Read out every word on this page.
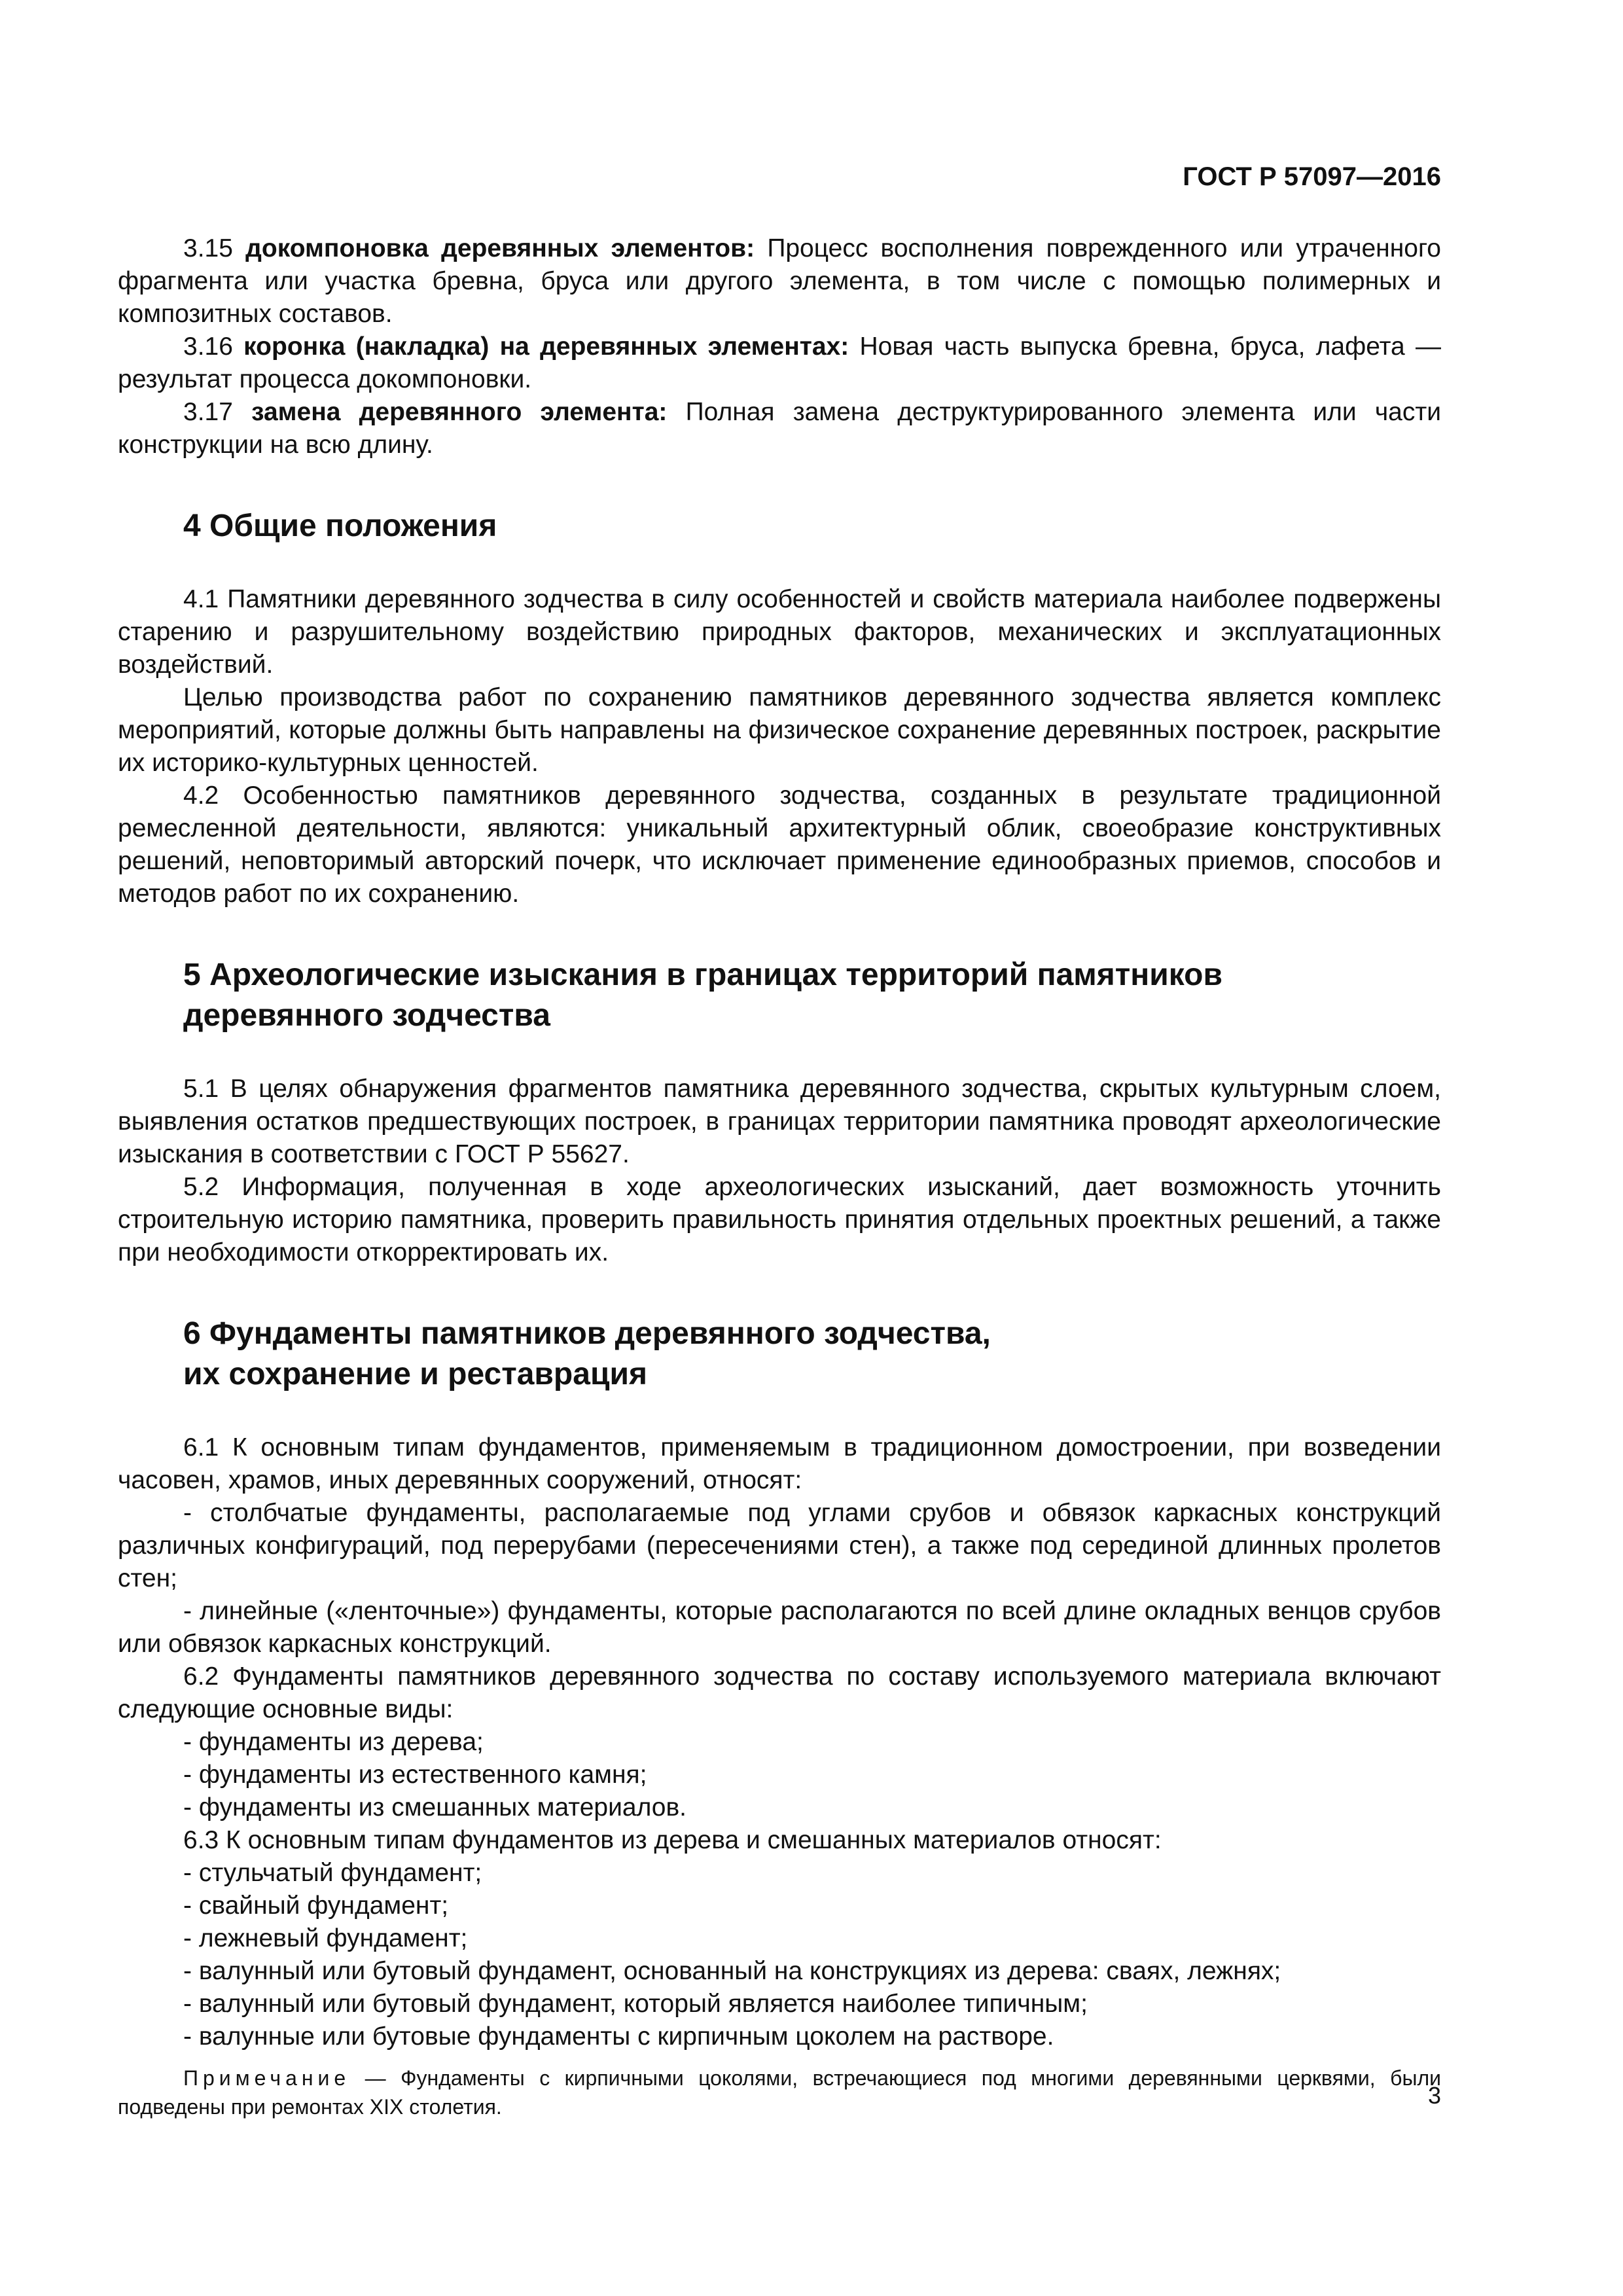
ГОСТ Р 57097—2016

3.15 докомпоновка деревянных элементов: Процесс восполнения поврежденного или утраченного фрагмента или участка бревна, бруса или другого элемента, в том числе с помощью полимерных и композитных составов.

3.16 коронка (накладка) на деревянных элементах: Новая часть выпуска бревна, бруса, лафета — результат процесса докомпоновки.

3.17 замена деревянного элемента: Полная замена деструктурированного элемента или части конструкции на всю длину.

4 Общие положения

4.1 Памятники деревянного зодчества в силу особенностей и свойств материала наиболее подвержены старению и разрушительному воздействию природных факторов, механических и эксплуатационных воздействий.

Целью производства работ по сохранению памятников деревянного зодчества является комплекс мероприятий, которые должны быть направлены на физическое сохранение деревянных построек, раскрытие их историко-культурных ценностей.

4.2 Особенностью памятников деревянного зодчества, созданных в результате традиционной ремесленной деятельности, являются: уникальный архитектурный облик, своеобразие конструктивных решений, неповторимый авторский почерк, что исключает применение единообразных приемов, способов и методов работ по их сохранению.

5 Археологические изыскания в границах территорий памятников
деревянного зодчества

5.1 В целях обнаружения фрагментов памятника деревянного зодчества, скрытых культурным слоем, выявления остатков предшествующих построек, в границах территории памятника проводят археологические изыскания в соответствии с ГОСТ Р 55627.

5.2 Информация, полученная в ходе археологических изысканий, дает возможность уточнить строительную историю памятника, проверить правильность принятия отдельных проектных решений, а также при необходимости откорректировать их.

6 Фундаменты памятников деревянного зодчества,
их сохранение и реставрация

6.1 К основным типам фундаментов, применяемым в традиционном домостроении, при возведении часовен, храмов, иных деревянных сооружений, относят:

- столбчатые фундаменты, располагаемые под углами срубов и обвязок каркасных конструкций различных конфигураций, под перерубами (пересечениями стен), а также под серединой длинных пролетов стен;

- линейные («ленточные») фундаменты, которые располагаются по всей длине окладных венцов срубов или обвязок каркасных конструкций.

6.2 Фундаменты памятников деревянного зодчества по составу используемого материала включают следующие основные виды:

- фундаменты из дерева;

- фундаменты из естественного камня;

- фундаменты из смешанных материалов.

6.3 К основным типам фундаментов из дерева и смешанных материалов относят:

- стульчатый фундамент;

- свайный фундамент;

- лежневый фундамент;

- валунный или бутовый фундамент, основанный на конструкциях из дерева: сваях, лежнях;

- валунный или бутовый фундамент, который является наиболее типичным;

- валунные или бутовые фундаменты с кирпичным цоколем на растворе.

Примечание — Фундаменты с кирпичными цоколями, встречающиеся под многими деревянными церквями, были подведены при ремонтах XIX столетия.	3
